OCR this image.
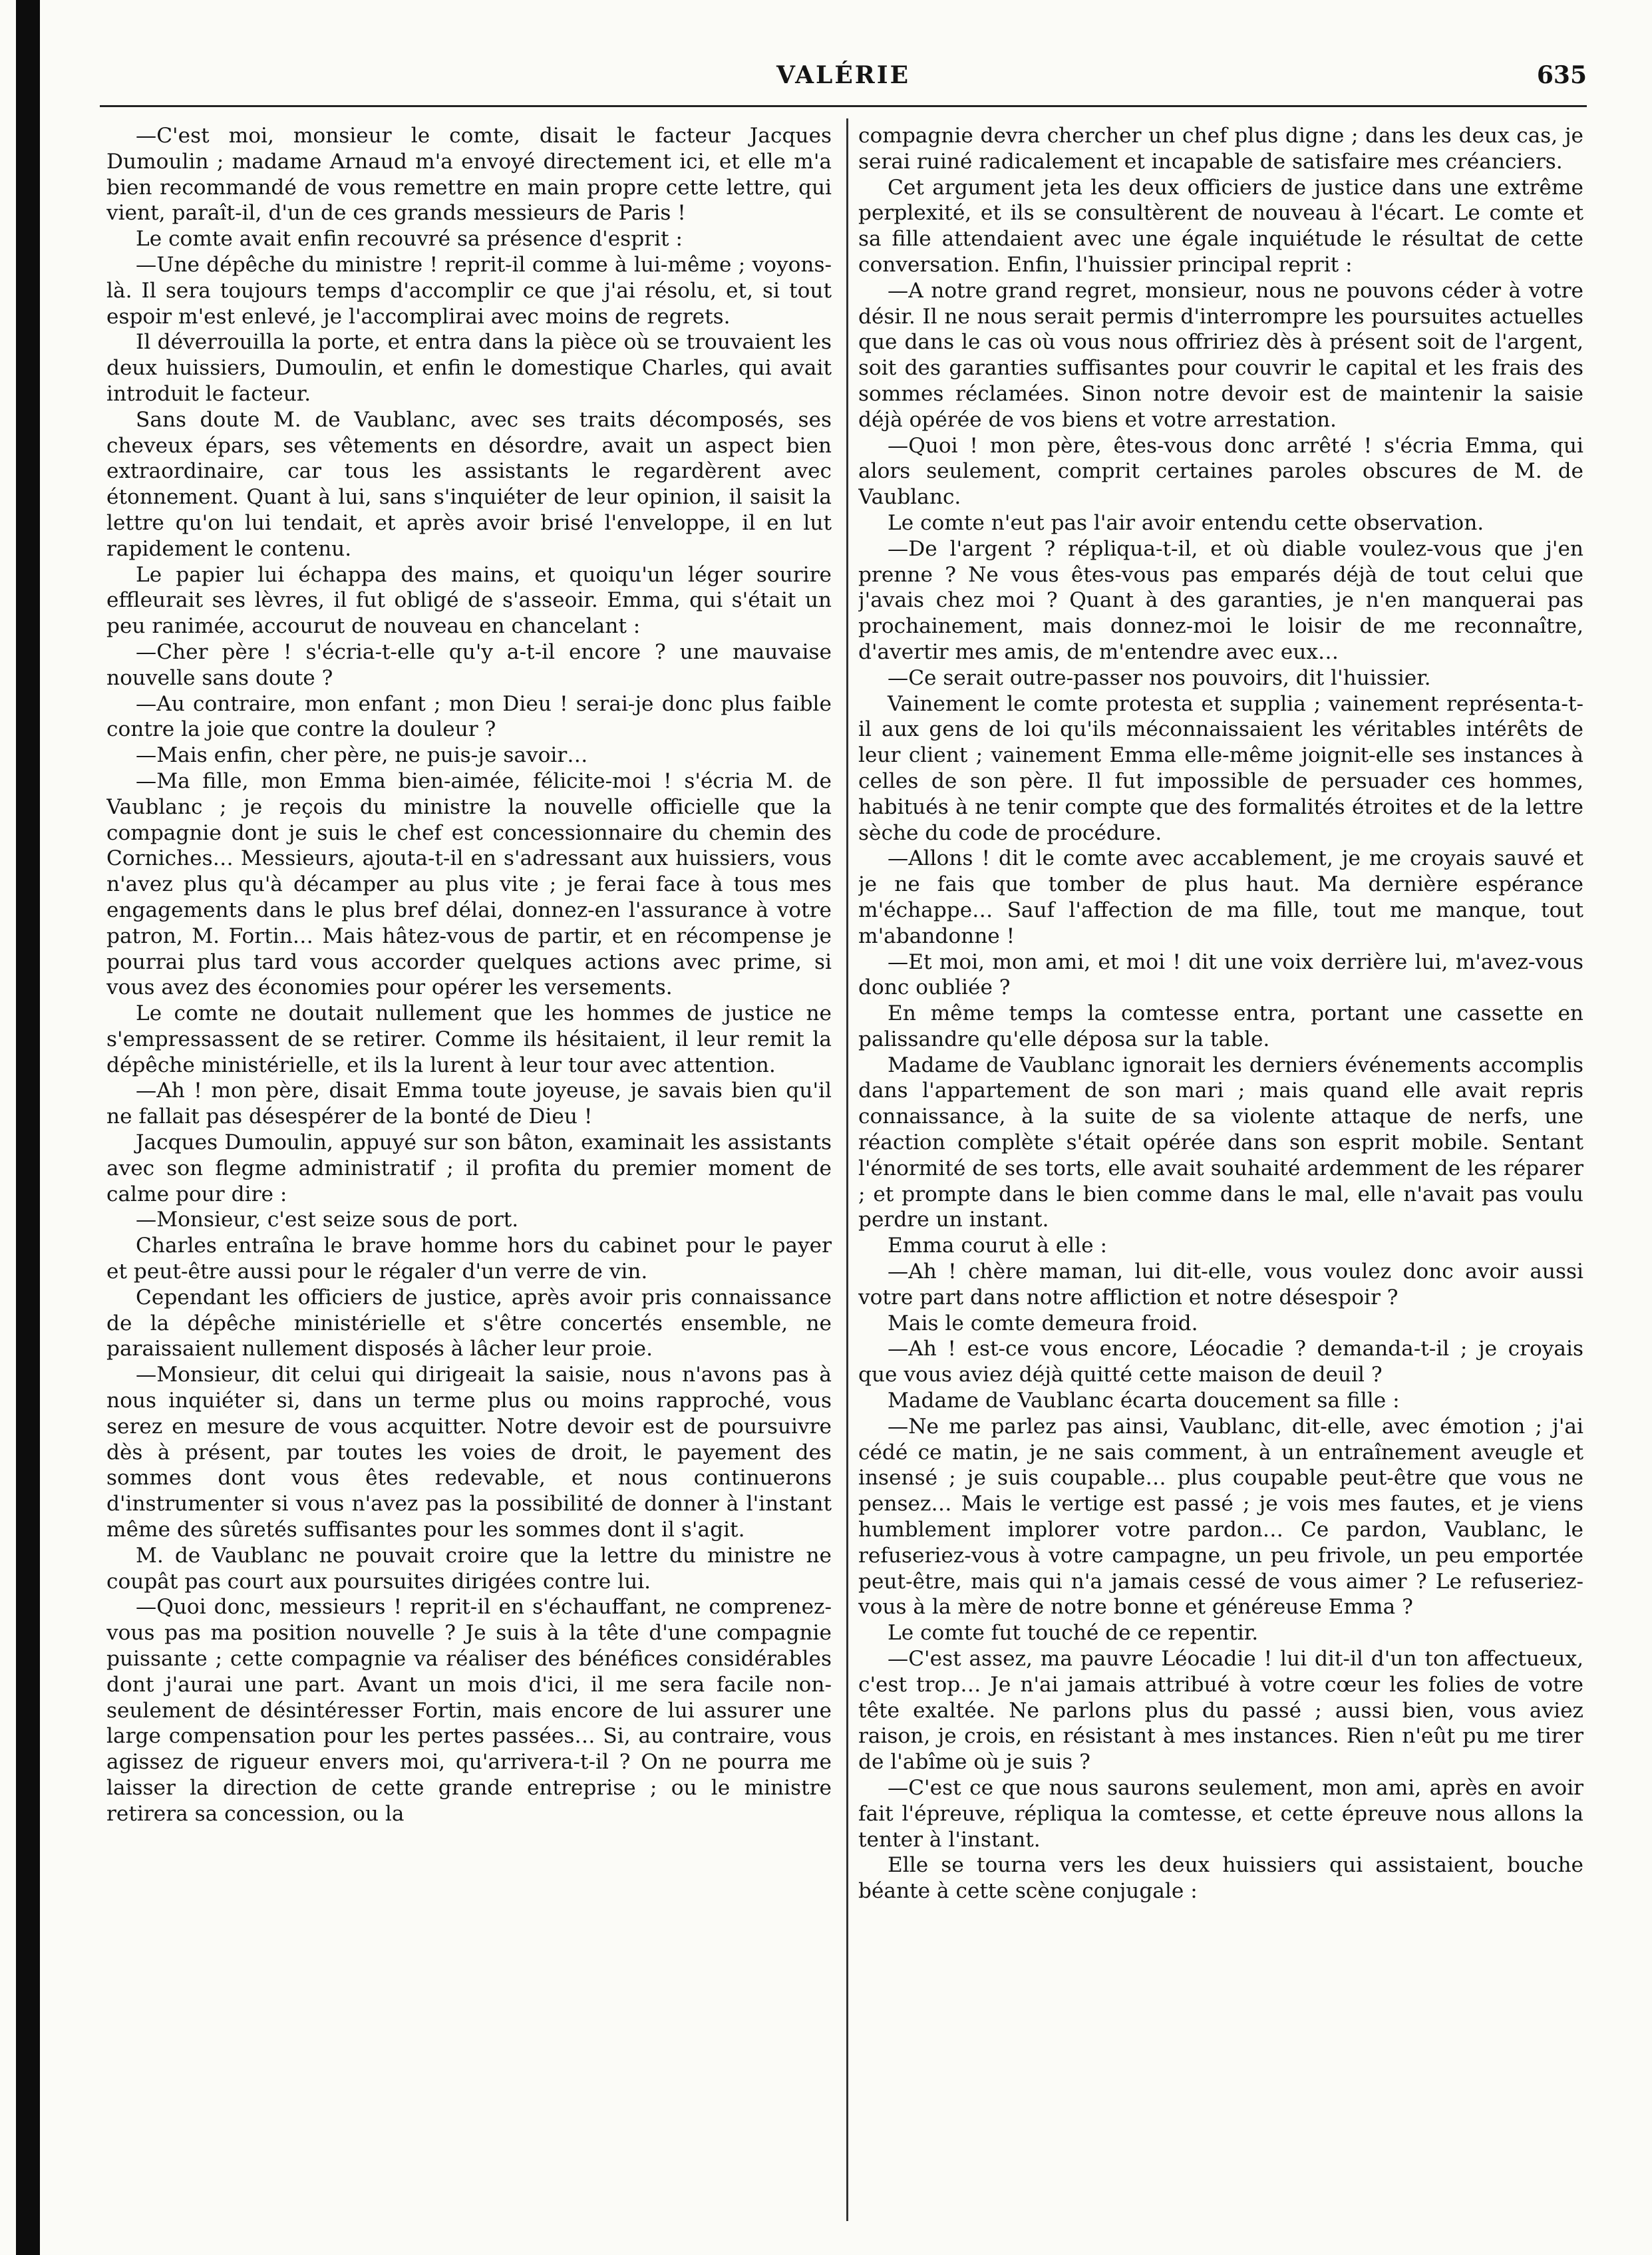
VALÉRIE	635

—C'est moi, monsieur le comte, disait le facteur Jacques Dumoulin ; madame Arnaud m'a envoyé directement ici, et elle m'a bien recommandé de vous remettre en main propre cette lettre, qui vient, paraît-il, d'un de ces grands messieurs de Paris !

Le comte avait enfin recouvré sa présence d'esprit :

—Une dépêche du ministre ! reprit-il comme à lui-même ; voyons-là. Il sera toujours temps d'accomplir ce que j'ai résolu, et, si tout espoir m'est enlevé, je l'accomplirai avec moins de regrets.

Il déverrouilla la porte, et entra dans la pièce où se trouvaient les deux huissiers, Dumoulin, et enfin le domestique Charles, qui avait introduit le facteur.

Sans doute M. de Vaublanc, avec ses traits décomposés, ses cheveux épars, ses vêtements en désordre, avait un aspect bien extraordinaire, car tous les assistants le regardèrent avec étonnement. Quant à lui, sans s'inquiéter de leur opinion, il saisit la lettre qu'on lui tendait, et après avoir brisé l'enveloppe, il en lut rapidement le contenu.

Le papier lui échappa des mains, et quoiqu'un léger sourire effleurait ses lèvres, il fut obligé de s'asseoir. Emma, qui s'était un peu ranimée, accourut de nouveau en chancelant :

—Cher père ! s'écria-t-elle qu'y a-t-il encore ? une mauvaise nouvelle sans doute ?

—Au contraire, mon enfant ; mon Dieu ! serai-je donc plus faible contre la joie que contre la douleur ?

—Mais enfin, cher père, ne puis-je savoir…

—Ma fille, mon Emma bien-aimée, félicite-moi ! s'écria M. de Vaublanc ; je reçois du ministre la nouvelle officielle que la compagnie dont je suis le chef est concessionnaire du chemin des Corniches… Messieurs, ajouta-t-il en s'adressant aux huissiers, vous n'avez plus qu'à décamper au plus vite ; je ferai face à tous mes engagements dans le plus bref délai, donnez-en l'assurance à votre patron, M. Fortin… Mais hâtez-vous de partir, et en récompense je pourrai plus tard vous accorder quelques actions avec prime, si vous avez des économies pour opérer les versements.

Le comte ne doutait nullement que les hommes de justice ne s'empressassent de se retirer. Comme ils hésitaient, il leur remit la dépêche ministérielle, et ils la lurent à leur tour avec attention.

—Ah ! mon père, disait Emma toute joyeuse, je savais bien qu'il ne fallait pas désespérer de la bonté de Dieu !

Jacques Dumoulin, appuyé sur son bâton, examinait les assistants avec son flegme administratif ; il profita du premier moment de calme pour dire :

—Monsieur, c'est seize sous de port.

Charles entraîna le brave homme hors du cabinet pour le payer et peut-être aussi pour le régaler d'un verre de vin.

Cependant les officiers de justice, après avoir pris connaissance de la dépêche ministérielle et s'être concertés ensemble, ne paraissaient nullement disposés à lâcher leur proie.

—Monsieur, dit celui qui dirigeait la saisie, nous n'avons pas à nous inquiéter si, dans un terme plus ou moins rapproché, vous serez en mesure de vous acquitter. Notre devoir est de poursuivre dès à présent, par toutes les voies de droit, le payement des sommes dont vous êtes redevable, et nous continuerons d'instrumenter si vous n'avez pas la possibilité de donner à l'instant même des sûretés suffisantes pour les sommes dont il s'agit.

M. de Vaublanc ne pouvait croire que la lettre du ministre ne coupât pas court aux poursuites dirigées contre lui.

—Quoi donc, messieurs ! reprit-il en s'échauffant, ne comprenez-vous pas ma position nouvelle ? Je suis à la tête d'une compagnie puissante ; cette compagnie va réaliser des bénéfices considérables dont j'aurai une part. Avant un mois d'ici, il me sera facile non-seulement de désintéresser Fortin, mais encore de lui assurer une large compensation pour les pertes passées… Si, au contraire, vous agissez de rigueur envers moi, qu'arrivera-t-il ? On ne pourra me laisser la direction de cette grande entreprise ; ou le ministre retirera sa concession, ou la

compagnie devra chercher un chef plus digne ; dans les deux cas, je serai ruiné radicalement et incapable de satisfaire mes créanciers.

Cet argument jeta les deux officiers de justice dans une extrême perplexité, et ils se consultèrent de nouveau à l'écart. Le comte et sa fille attendaient avec une égale inquiétude le résultat de cette conversation. Enfin, l'huissier principal reprit :

—A notre grand regret, monsieur, nous ne pouvons céder à votre désir. Il ne nous serait permis d'interrompre les poursuites actuelles que dans le cas où vous nous offririez dès à présent soit de l'argent, soit des garanties suffisantes pour couvrir le capital et les frais des sommes réclamées. Sinon notre devoir est de maintenir la saisie déjà opérée de vos biens et votre arrestation.

—Quoi ! mon père, êtes-vous donc arrêté ! s'écria Emma, qui alors seulement, comprit certaines paroles obscures de M. de Vaublanc.

Le comte n'eut pas l'air avoir entendu cette observation.

—De l'argent ? répliqua-t-il, et où diable voulez-vous que j'en prenne ? Ne vous êtes-vous pas emparés déjà de tout celui que j'avais chez moi ? Quant à des garanties, je n'en manquerai pas prochainement, mais donnez-moi le loisir de me reconnaître, d'avertir mes amis, de m'entendre avec eux…

—Ce serait outre-passer nos pouvoirs, dit l'huissier.

Vainement le comte protesta et supplia ; vainement représenta-t-il aux gens de loi qu'ils méconnaissaient les véritables intérêts de leur client ; vainement Emma elle-même joignit-elle ses instances à celles de son père. Il fut impossible de persuader ces hommes, habitués à ne tenir compte que des formalités étroites et de la lettre sèche du code de procédure.

—Allons ! dit le comte avec accablement, je me croyais sauvé et je ne fais que tomber de plus haut. Ma dernière espérance m'échappe… Sauf l'affection de ma fille, tout me manque, tout m'abandonne !

—Et moi, mon ami, et moi ! dit une voix derrière lui, m'avez-vous donc oubliée ?

En même temps la comtesse entra, portant une cassette en palissandre qu'elle déposa sur la table.

Madame de Vaublanc ignorait les derniers événements accomplis dans l'appartement de son mari ; mais quand elle avait repris connaissance, à la suite de sa violente attaque de nerfs, une réaction complète s'était opérée dans son esprit mobile. Sentant l'énormité de ses torts, elle avait souhaité ardemment de les réparer ; et prompte dans le bien comme dans le mal, elle n'avait pas voulu perdre un instant.

Emma courut à elle :

—Ah ! chère maman, lui dit-elle, vous voulez donc avoir aussi votre part dans notre affliction et notre désespoir ?

Mais le comte demeura froid.

—Ah ! est-ce vous encore, Léocadie ? demanda-t-il ; je croyais que vous aviez déjà quitté cette maison de deuil ?

Madame de Vaublanc écarta doucement sa fille :

—Ne me parlez pas ainsi, Vaublanc, dit-elle, avec émotion ; j'ai cédé ce matin, je ne sais comment, à un entraînement aveugle et insensé ; je suis coupable… plus coupable peut-être que vous ne pensez… Mais le vertige est passé ; je vois mes fautes, et je viens humblement implorer votre pardon… Ce pardon, Vaublanc, le refuseriez-vous à votre campagne, un peu frivole, un peu emportée peut-être, mais qui n'a jamais cessé de vous aimer ? Le refuseriez-vous à la mère de notre bonne et généreuse Emma ?

Le comte fut touché de ce repentir.

—C'est assez, ma pauvre Léocadie ! lui dit-il d'un ton affectueux, c'est trop… Je n'ai jamais attribué à votre cœur les folies de votre tête exaltée. Ne parlons plus du passé ; aussi bien, vous aviez raison, je crois, en résistant à mes instances. Rien n'eût pu me tirer de l'abîme où je suis ?

—C'est ce que nous saurons seulement, mon ami, après en avoir fait l'épreuve, répliqua la comtesse, et cette épreuve nous allons la tenter à l'instant.

Elle se tourna vers les deux huissiers qui assistaient, bouche béante à cette scène conjugale :
